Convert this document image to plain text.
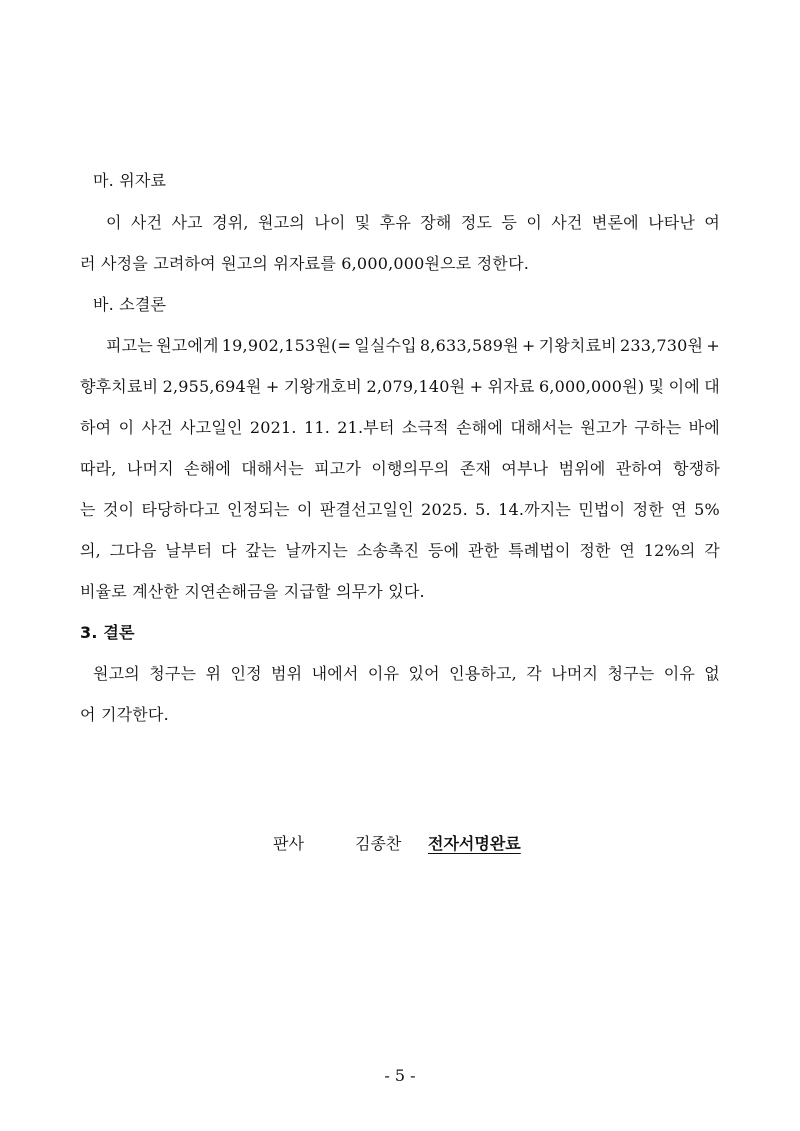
마. 위자료
이 사건 사고 경위, 원고의 나이 및 후유 장해 정도 등 이 사건 변론에 나타난 여
러 사정을 고려하여 원고의 위자료를 6,000,000원으로 정한다.
바. 소결론
피고는 원고에게 19,902,153원(= 일실수입 8,633,589원 + 기왕치료비 233,730원 +
향후치료비 2,955,694원 + 기왕개호비 2,079,140원 + 위자료 6,000,000원) 및 이에 대
하여 이 사건 사고일인 2021. 11. 21.부터 소극적 손해에 대해서는 원고가 구하는 바에
따라, 나머지 손해에 대해서는 피고가 이행의무의 존재 여부나 범위에 관하여 항쟁하
는 것이 타당하다고 인정되는 이 판결선고일인 2025. 5. 14.까지는 민법이 정한 연 5%
의, 그다음 날부터 다 갚는 날까지는 소송촉진 등에 관한 특례법이 정한 연 12%의 각
비율로 계산한 지연손해금을 지급할 의무가 있다.
3. 결론
원고의 청구는 위 인정 범위 내에서 이유 있어 인용하고, 각 나머지 청구는 이유 없
어 기각한다.
판사	김종찬 전자서명완료
- 5 -
